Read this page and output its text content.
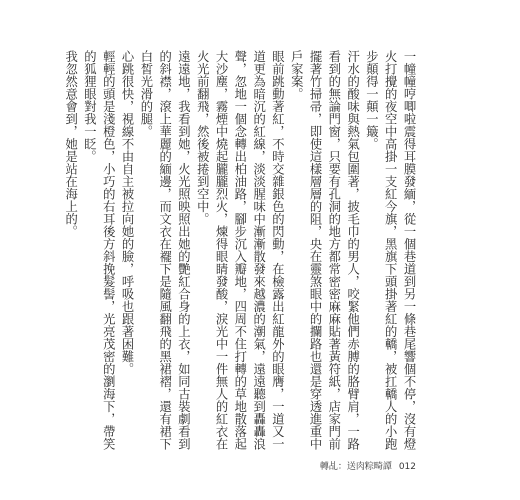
一幢幢哼唧啦震得耳膜發緬，從一個巷道到另一條巷尾響個不停，沒有燈火打攪的夜空中高掛一支紅今旗，黑旗下頭掛著紅的轎，被扛轎人的小跑步顛得一顛一簸。

汗水的酸味與熱氣包圍著，披毛巾的男人，咬緊他們赤膊的胳臂肩，一路看到的無論門窗，只要有孔洞的地方都常密密麻麻貼著黃符紙，店家門前擺著竹掃帚，即使這樣層層的阻，央在靈煞眼中的攔路也還是穿透進重中戶家案。

眼前跳動著紅，不時交雜銀色的閃動，在檢露出紅龍外的眼膺，一道又一道更為暗沉的紅線，淡淡腥味中漸漸散發來越濃的潮氣，遠遠聽到轟轟浪聲，忽地一個念轉出柏油路，腳步沉入瓣地，四周不住打轉的草地散落起大沙塵，霧煙中燒起朧朧烈火，煉得眼睛發酸，淚光中一件無人的紅衣在火光前翻飛，然後被捲到空中。

遠遠地，我看到她，火光照映照出她的艷紅合身的上衣，如同古裝劇看到的斜襟，滾上華麗的緬邊，而文衣在襬下是隨風翻飛的黑裙褶，還有裙下白皙光滑的腿。

心跳很快，視線不由自主被拉向她的臉，呼吸也跟著困難。

輕輕的頭是淺橙色，小巧的右耳後方斜挽髮髻，光亮茂密的瀏海下，帶笑的狐狸眼對我一眨。

我忽然意會到，她是站在海上的。

轉乩：送肉粽畸譚 012
